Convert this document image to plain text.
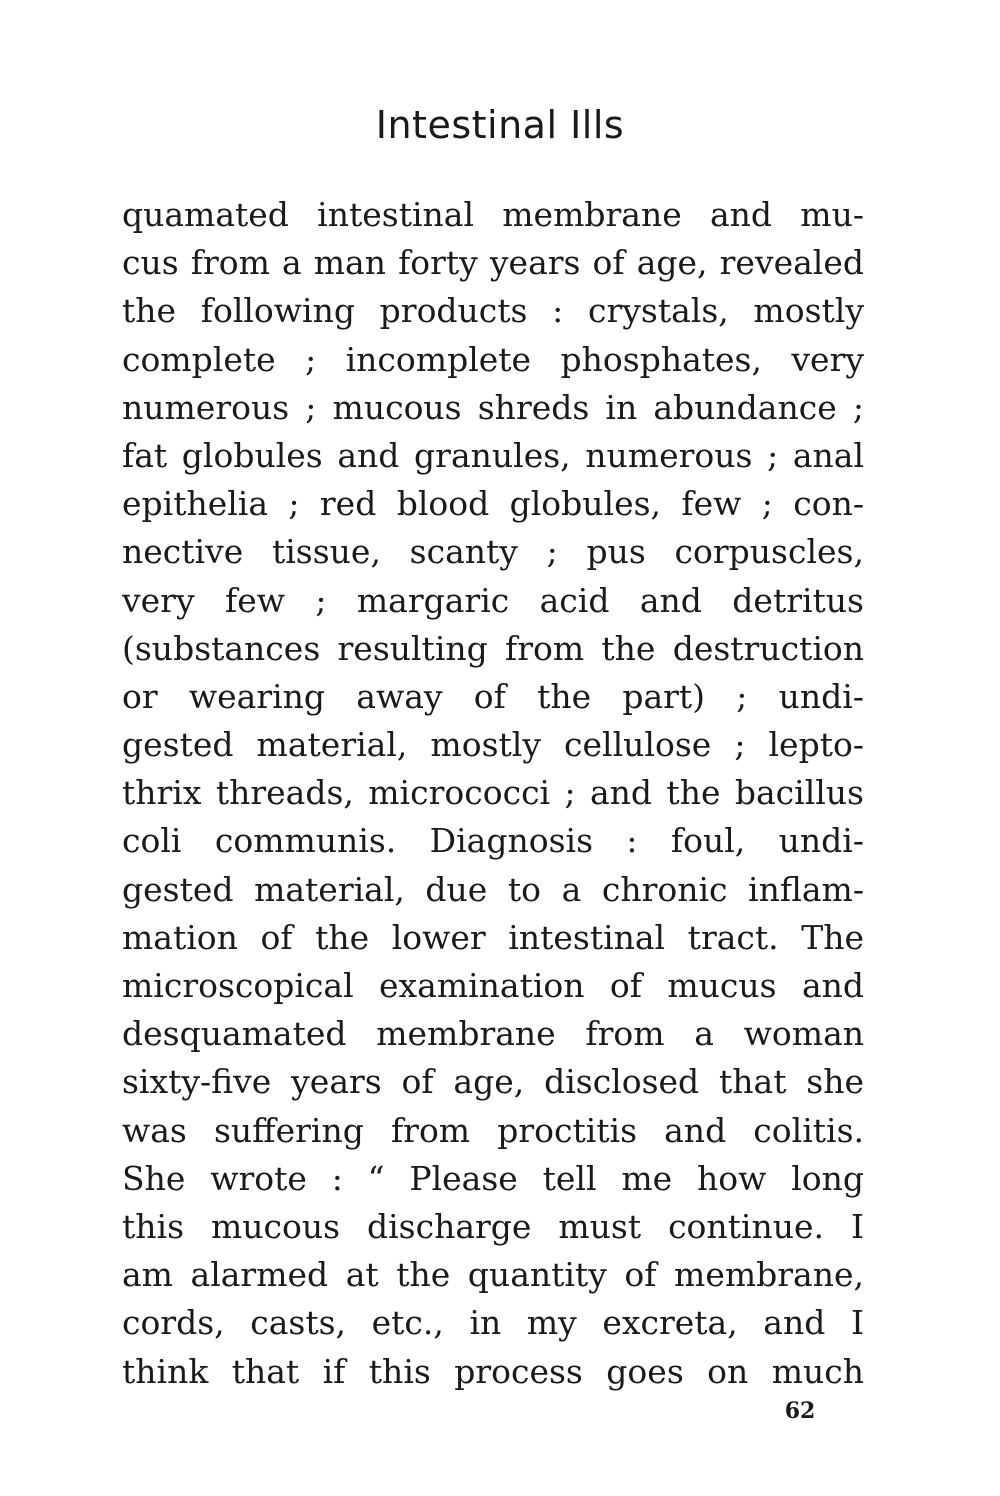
Intestinal Ills
quamated intestinal membrane and mu-
cus from a man forty years of age, revealed
the following products : crystals, mostly
complete ; incomplete phosphates, very
numerous ; mucous shreds in abundance ;
fat globules and granules, numerous ; anal
epithelia ; red blood globules, few ; con-
nective tissue, scanty ; pus corpuscles,
very few ; margaric acid and detritus
(substances resulting from the destruction
or wearing away of the part) ; undi-
gested material, mostly cellulose ; lepto-
thrix threads, micrococci ; and the bacillus
coli communis. Diagnosis : foul, undi-
gested material, due to a chronic inflam-
mation of the lower intestinal tract. The
microscopical examination of mucus and
desquamated membrane from a woman
sixty-five years of age, disclosed that she
was suffering from proctitis and colitis.
She wrote : “ Please tell me how long
this mucous discharge must continue. I
am alarmed at the quantity of membrane,
cords, casts, etc., in my excreta, and I
think that if this process goes on much
62
